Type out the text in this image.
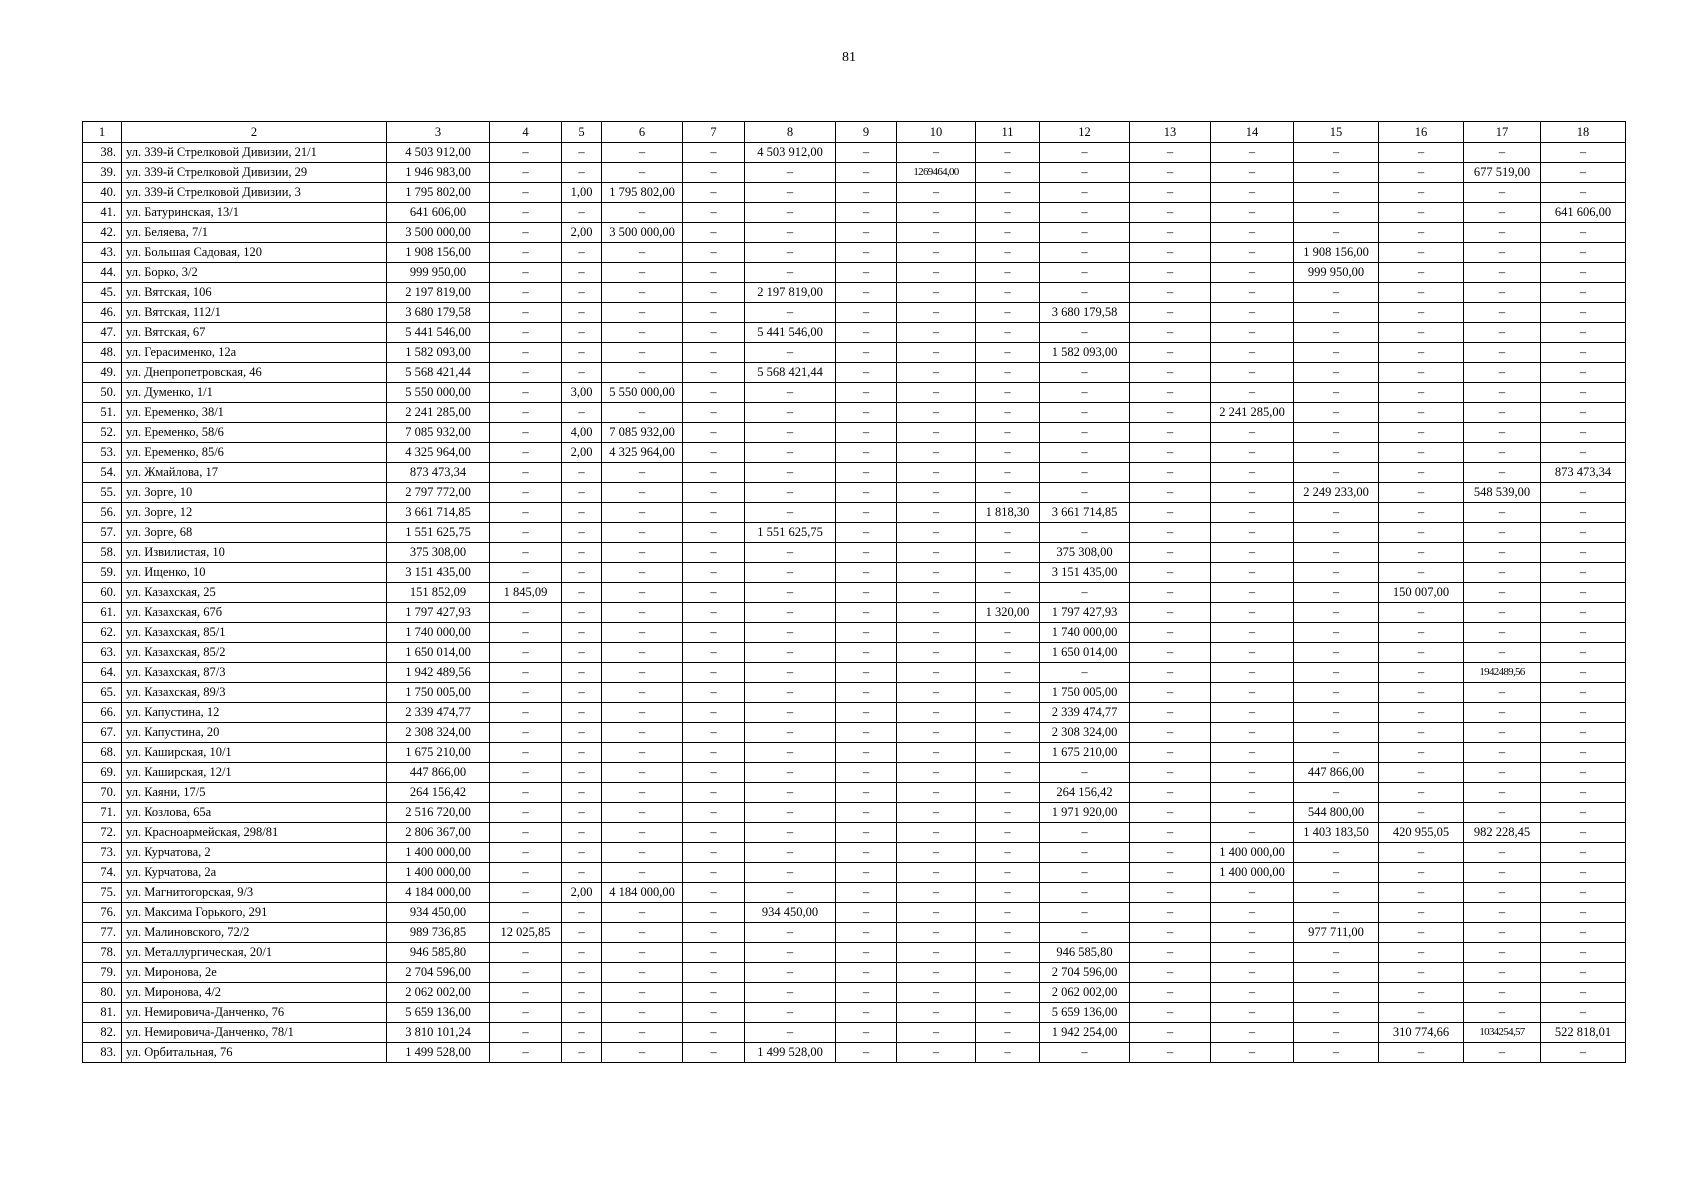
81
1	2	3	4	5	6	7	8	9	10	11	12	13	14	15	16	17	18
38.	ул. 339-й Стрелковой Дивизии, 21/1	4 503 912,00	–	–	–	–	4 503 912,00	–	–	–	–	–	–	–	–	–	–
39.	ул. 339-й Стрелковой Дивизии, 29	1 946 983,00	–	–	–	–	–	–	1269464,00	–	–	–	–	–	–	677 519,00	–
40.	ул. 339-й Стрелковой Дивизии, 3	1 795 802,00	–	1,00	1 795 802,00	–	–	–	–	–	–	–	–	–	–	–	–
41.	ул. Батуринская, 13/1	641 606,00	–	–	–	–	–	–	–	–	–	–	–	–	–	–	641 606,00
42.	ул. Беляева, 7/1	3 500 000,00	–	2,00	3 500 000,00	–	–	–	–	–	–	–	–	–	–	–	–
43.	ул. Большая Садовая, 120	1 908 156,00	–	–	–	–	–	–	–	–	–	–	–	1 908 156,00	–	–	–
44.	ул. Борко, 3/2	999 950,00	–	–	–	–	–	–	–	–	–	–	–	999 950,00	–	–	–
45.	ул. Вятская, 106	2 197 819,00	–	–	–	–	2 197 819,00	–	–	–	–	–	–	–	–	–	–
46.	ул. Вятская, 112/1	3 680 179,58	–	–	–	–	–	–	–	–	3 680 179,58	–	–	–	–	–	–
47.	ул. Вятская, 67	5 441 546,00	–	–	–	–	5 441 546,00	–	–	–	–	–	–	–	–	–	–
48.	ул. Герасименко, 12а	1 582 093,00	–	–	–	–	–	–	–	–	1 582 093,00	–	–	–	–	–	–
49.	ул. Днепропетровская, 46	5 568 421,44	–	–	–	–	5 568 421,44	–	–	–	–	–	–	–	–	–	–
50.	ул. Думенко, 1/1	5 550 000,00	–	3,00	5 550 000,00	–	–	–	–	–	–	–	–	–	–	–	–
51.	ул. Еременко, 38/1	2 241 285,00	–	–	–	–	–	–	–	–	–	–	2 241 285,00	–	–	–	–
52.	ул. Еременко, 58/6	7 085 932,00	–	4,00	7 085 932,00	–	–	–	–	–	–	–	–	–	–	–	–
53.	ул. Еременко, 85/6	4 325 964,00	–	2,00	4 325 964,00	–	–	–	–	–	–	–	–	–	–	–	–
54.	ул. Жмайлова, 17	873 473,34	–	–	–	–	–	–	–	–	–	–	–	–	–	–	873 473,34
55.	ул. Зорге, 10	2 797 772,00	–	–	–	–	–	–	–	–	–	–	–	2 249 233,00	–	548 539,00	–
56.	ул. Зорге, 12	3 661 714,85	–	–	–	–	–	–	–	1 818,30	3 661 714,85	–	–	–	–	–	–
57.	ул. Зорге, 68	1 551 625,75	–	–	–	–	1 551 625,75	–	–	–	–	–	–	–	–	–	–
58.	ул. Извилистая, 10	375 308,00	–	–	–	–	–	–	–	–	375 308,00	–	–	–	–	–	–
59.	ул. Ищенко, 10	3 151 435,00	–	–	–	–	–	–	–	–	3 151 435,00	–	–	–	–	–	–
60.	ул. Казахская, 25	151 852,09	1 845,09	–	–	–	–	–	–	–	–	–	–	–	150 007,00	–	–
61.	ул. Казахская, 67б	1 797 427,93	–	–	–	–	–	–	–	1 320,00	1 797 427,93	–	–	–	–	–	–
62.	ул. Казахская, 85/1	1 740 000,00	–	–	–	–	–	–	–	–	1 740 000,00	–	–	–	–	–	–
63.	ул. Казахская, 85/2	1 650 014,00	–	–	–	–	–	–	–	–	1 650 014,00	–	–	–	–	–	–
64.	ул. Казахская, 87/3	1 942 489,56	–	–	–	–	–	–	–	–	–	–	–	–	–	1942489,56	–
65.	ул. Казахская, 89/3	1 750 005,00	–	–	–	–	–	–	–	–	1 750 005,00	–	–	–	–	–	–
66.	ул. Капустина, 12	2 339 474,77	–	–	–	–	–	–	–	–	2 339 474,77	–	–	–	–	–	–
67.	ул. Капустина, 20	2 308 324,00	–	–	–	–	–	–	–	–	2 308 324,00	–	–	–	–	–	–
68.	ул. Каширская, 10/1	1 675 210,00	–	–	–	–	–	–	–	–	1 675 210,00	–	–	–	–	–	–
69.	ул. Каширская, 12/1	447 866,00	–	–	–	–	–	–	–	–	–	–	–	447 866,00	–	–	–
70.	ул. Каяни, 17/5	264 156,42	–	–	–	–	–	–	–	–	264 156,42	–	–	–	–	–	–
71.	ул. Козлова, 65а	2 516 720,00	–	–	–	–	–	–	–	–	1 971 920,00	–	–	544 800,00	–	–	–
72.	ул. Красноармейская, 298/81	2 806 367,00	–	–	–	–	–	–	–	–	–	–	–	1 403 183,50	420 955,05	982 228,45	–
73.	ул. Курчатова, 2	1 400 000,00	–	–	–	–	–	–	–	–	–	–	1 400 000,00	–	–	–	–
74.	ул. Курчатова, 2а	1 400 000,00	–	–	–	–	–	–	–	–	–	–	1 400 000,00	–	–	–	–
75.	ул. Магнитогорская, 9/3	4 184 000,00	–	2,00	4 184 000,00	–	–	–	–	–	–	–	–	–	–	–	–
76.	ул. Максима Горького, 291	934 450,00	–	–	–	–	934 450,00	–	–	–	–	–	–	–	–	–	–
77.	ул. Малиновского, 72/2	989 736,85	12 025,85	–	–	–	–	–	–	–	–	–	–	977 711,00	–	–	–
78.	ул. Металлургическая, 20/1	946 585,80	–	–	–	–	–	–	–	–	946 585,80	–	–	–	–	–	–
79.	ул. Миронова, 2е	2 704 596,00	–	–	–	–	–	–	–	–	2 704 596,00	–	–	–	–	–	–
80.	ул. Миронова, 4/2	2 062 002,00	–	–	–	–	–	–	–	–	2 062 002,00	–	–	–	–	–	–
81.	ул. Немировича-Данченко, 76	5 659 136,00	–	–	–	–	–	–	–	–	5 659 136,00	–	–	–	–	–	–
82.	ул. Немировича-Данченко, 78/1	3 810 101,24	–	–	–	–	–	–	–	–	1 942 254,00	–	–	–	310 774,66	1034254,57	522 818,01
83.	ул. Орбитальная, 76	1 499 528,00	–	–	–	–	1 499 528,00	–	–	–	–	–	–	–	–	–	–
